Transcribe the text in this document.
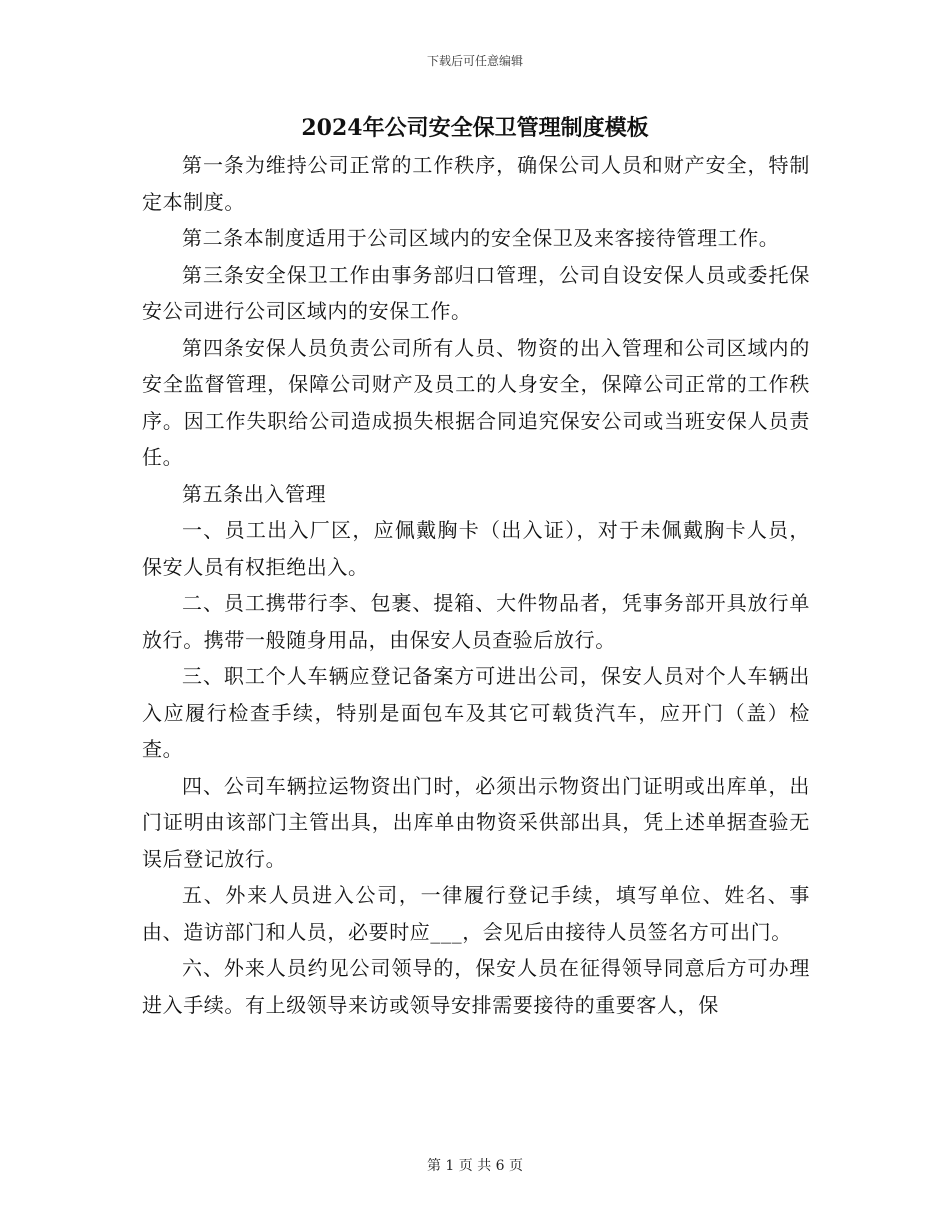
下载后可任意编辑
2024年公司安全保卫管理制度模板

第一条为维持公司正常的工作秩序，确保公司人员和财产安全，特制定本制度。

第二条本制度适用于公司区域内的安全保卫及来客接待管理工作。

第三条安全保卫工作由事务部归口管理，公司自设安保人员或委托保安公司进行公司区域内的安保工作。

第四条安保人员负责公司所有人员、物资的出入管理和公司区域内的安全监督管理，保障公司财产及员工的人身安全，保障公司正常的工作秩序。因工作失职给公司造成损失根据合同追究保安公司或当班安保人员责任。

第五条出入管理

一、员工出入厂区，应佩戴胸卡（出入证），对于未佩戴胸卡人员，保安人员有权拒绝出入。

二、员工携带行李、包裹、提箱、大件物品者，凭事务部开具放行单放行。携带一般随身用品，由保安人员查验后放行。

三、职工个人车辆应登记备案方可进出公司，保安人员对个人车辆出入应履行检查手续，特别是面包车及其它可载货汽车，应开门（盖）检查。

四、公司车辆拉运物资出门时，必须出示物资出门证明或出库单，出门证明由该部门主管出具，出库单由物资采供部出具，凭上述单据查验无误后登记放行。

五、外来人员进入公司，一律履行登记手续，填写单位、姓名、事由、造访部门和人员，必要时应___，会见后由接待人员签名方可出门。

六、外来人员约见公司领导的，保安人员在征得领导同意后方可办理进入手续。有上级领导来访或领导安排需要接待的重要客人，保

第 1 页 共 6 页
